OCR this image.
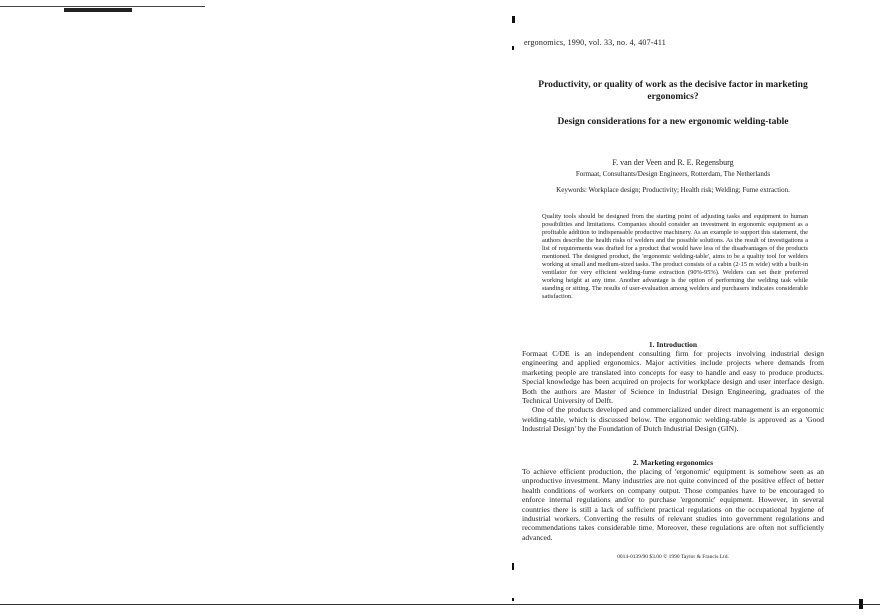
ergonomics, 1990, vol. 33, no. 4, 407-411
Productivity, or quality of work as the decisive factor in marketing ergonomics?
Design considerations for a new ergonomic welding-table
F. van der Veen and R. E. Regensburg
Formaat, Consultants/Design Engineers, Rotterdam, The Netherlands
Keywords: Workplace design; Productivity; Health risk; Welding; Fume extraction.
Quality tools should be designed from the starting point of adjusting tasks and equipment to human possibilities and limitations. Companies should consider an investment in ergonomic equipment as a profitable addition to indispensable productive machinery. As an example to support this statement, the authors describe the health risks of welders and the possible solutions. As the result of investigations a list of requirements was drafted for a product that would have less of the disadvantages of the products mentioned. The designed product, the 'ergonomic welding-table', aims to be a quality tool for welders working at small and medium-sized tasks. The product consists of a cabin (2·15 m wide) with a built-in ventilator for very efficient welding-fume extraction (90%-95%). Welders can set their preferred working height at any time. Another advantage is the option of performing the welding task while standing or sitting. The results of user-evaluation among welders and purchasers indicates considerable satisfaction.
1. Introduction

Formaat C/DE is an independent consulting firm for projects involving industrial design engineering and applied ergonomics. Major activities include projects where demands from marketing people are translated into concepts for easy to handle and easy to produce products. Special knowledge has been acquired on projects for workplace design and user interface design. Both the authors are Master of Science in Industrial Design Engineering, graduates of the Technical University of Delft.

One of the products developed and commercialized under direct management is an ergonomic welding-table, which is discussed below. The ergonomic welding-table is approved as a 'Good Industrial Design' by the Foundation of Dutch Industrial Design (GIN).

2. Marketing ergonomics

To achieve efficient production, the placing of 'ergonomic' equipment is somehow seen as an unproductive investment. Many industries are not quite convinced of the positive effect of better health conditions of workers on company output. Those companies have to be encouraged to enforce internal regulations and/or to purchase 'ergonomic' equipment. However, in several countries there is still a lack of sufficient practical regulations on the occupational hygiene of industrial workers. Converting the results of relevant studies into government regulations and recommendations takes considerable time. Moreover, these regulations are often not sufficiently advanced.

0014-0139/90 $3.00 © 1990 Taylor & Francis Ltd.
